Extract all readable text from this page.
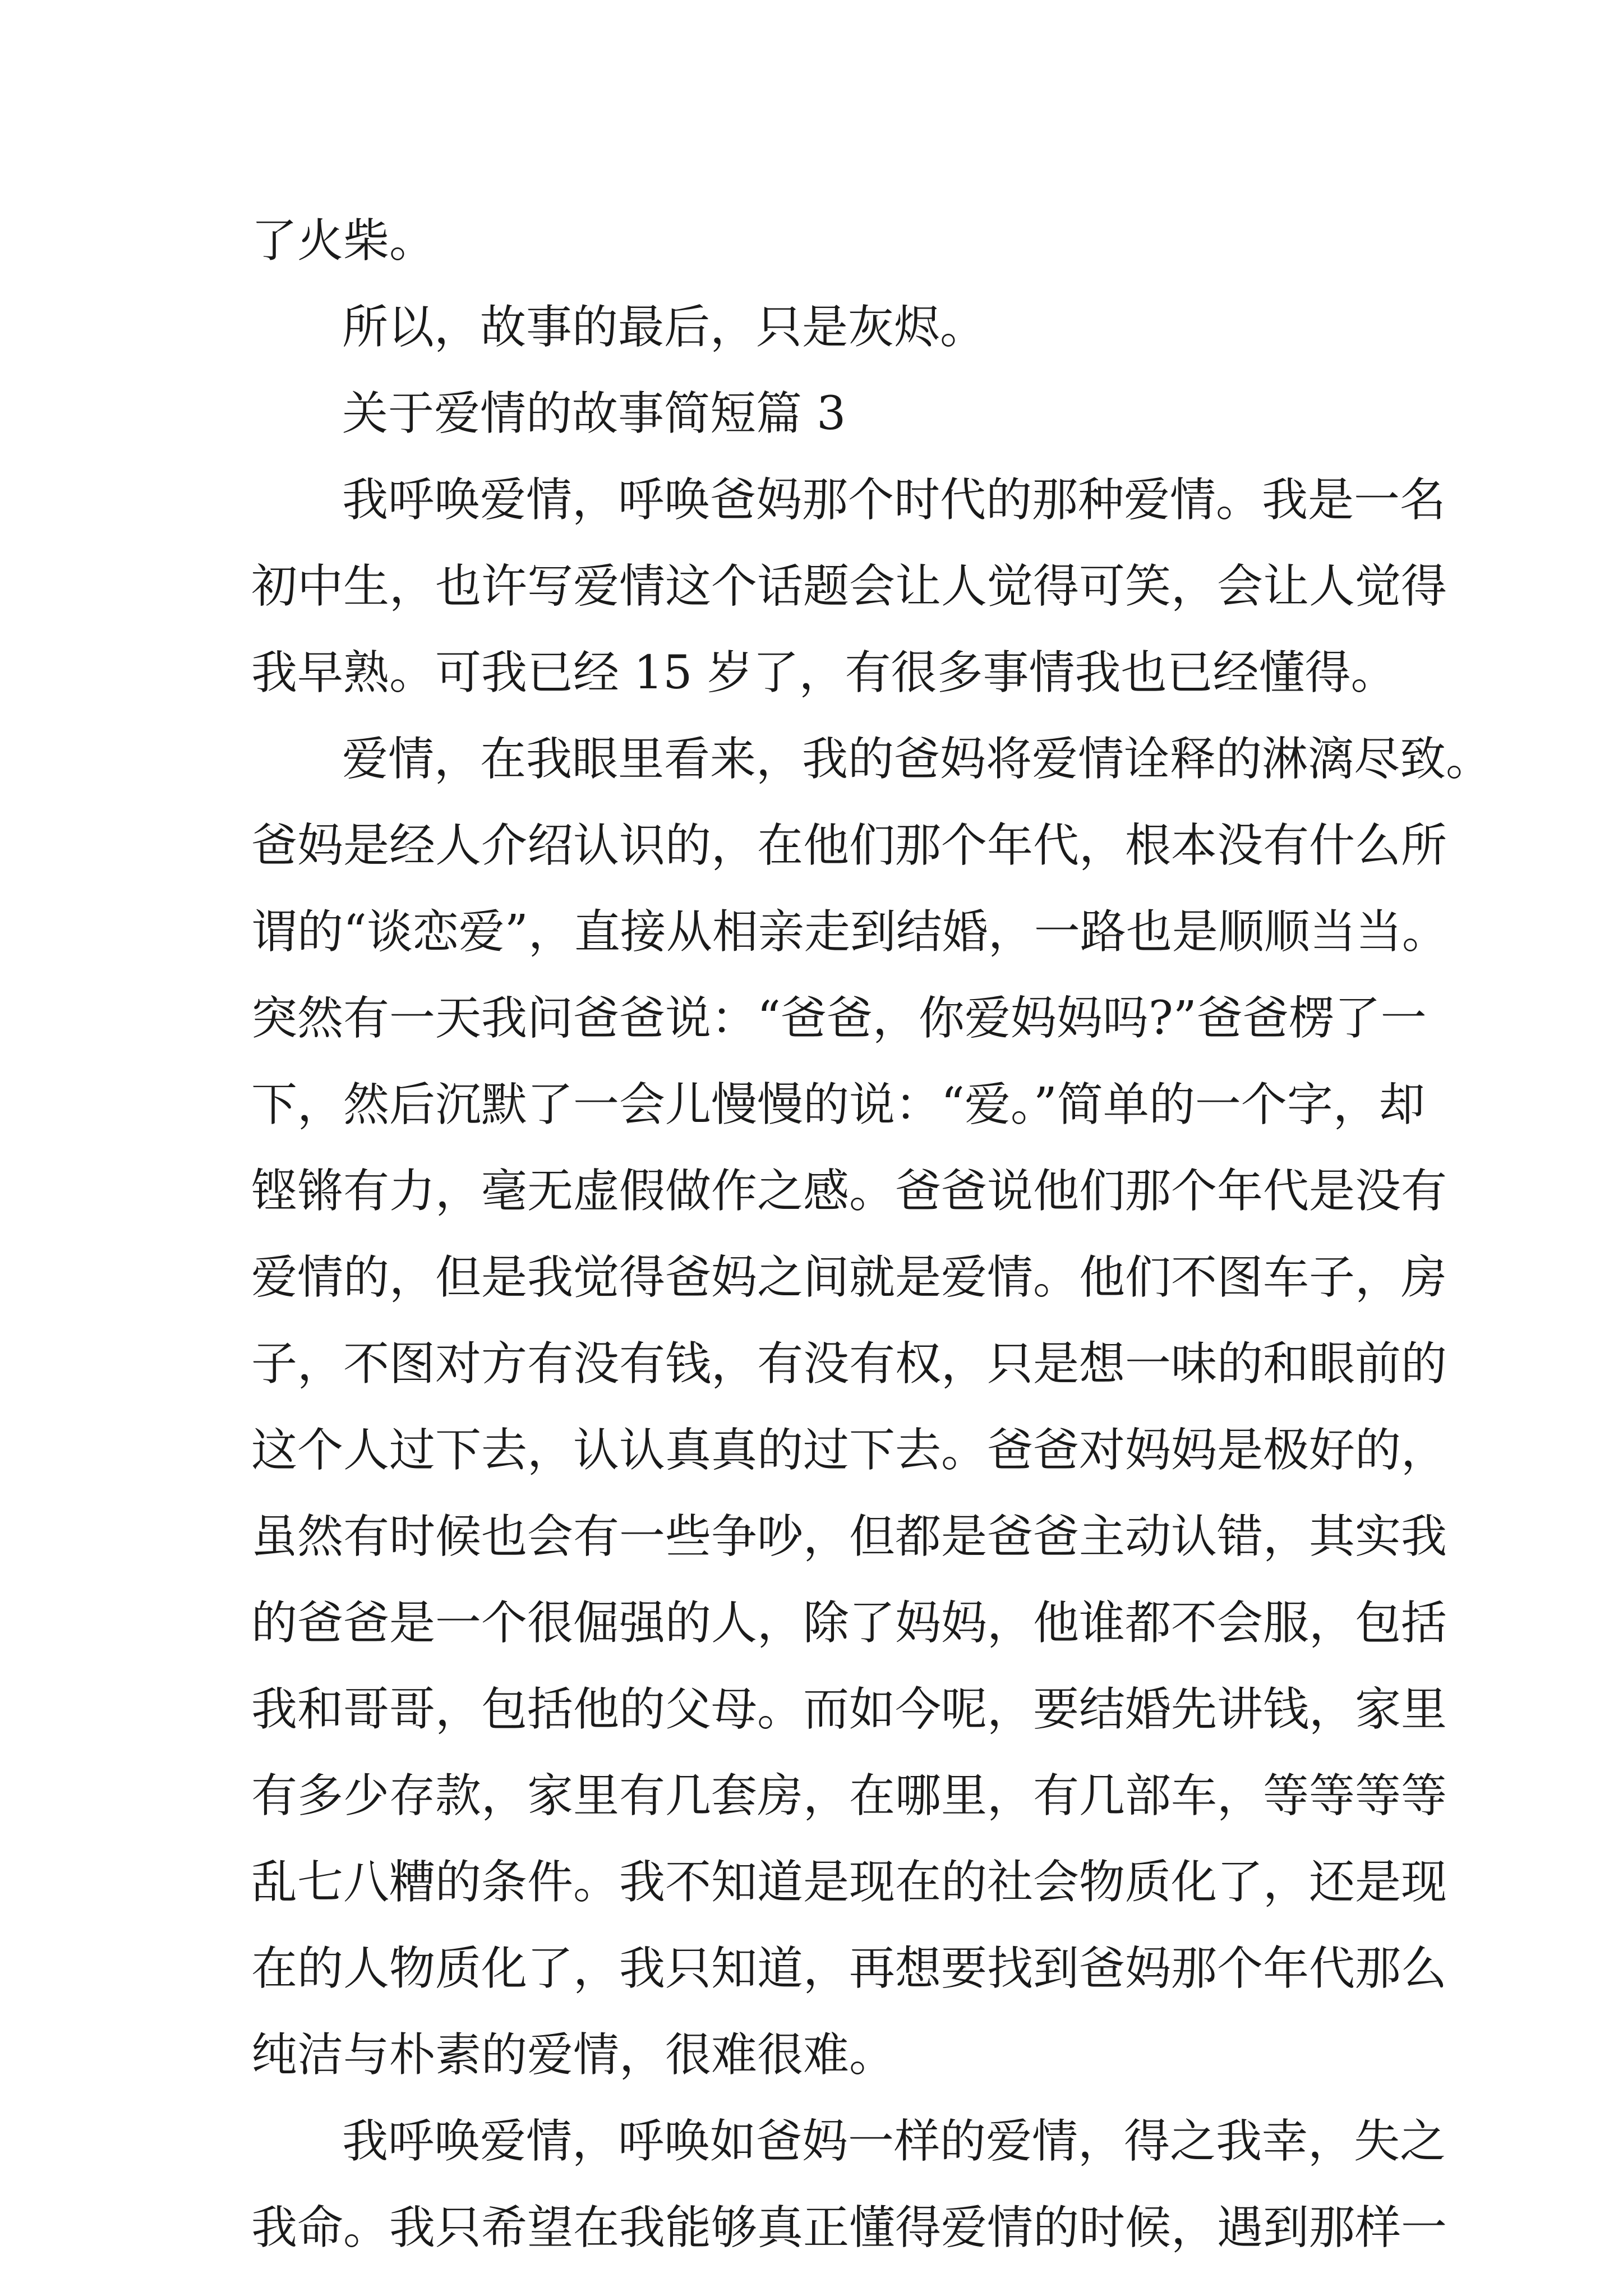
了火柴。

所以，故事的最后，只是灰烬。

关于爱情的故事简短篇 3

我呼唤爱情，呼唤爸妈那个时代的那种爱情。我是一名

初中生，也许写爱情这个话题会让人觉得可笑，会让人觉得

我早熟。可我已经 15 岁了，有很多事情我也已经懂得。

爱情，在我眼里看来，我的爸妈将爱情诠释的淋漓尽致。

爸妈是经人介绍认识的，在他们那个年代，根本没有什么所

谓的“谈恋爱”，直接从相亲走到结婚，一路也是顺顺当当。

突然有一天我问爸爸说：“爸爸，你爱妈妈吗?”爸爸楞了一

下，然后沉默了一会儿慢慢的说：“爱。”简单的一个字，却

铿锵有力，毫无虚假做作之感。爸爸说他们那个年代是没有

爱情的，但是我觉得爸妈之间就是爱情。他们不图车子，房

子，不图对方有没有钱，有没有权，只是想一味的和眼前的

这个人过下去，认认真真的过下去。爸爸对妈妈是极好的，

虽然有时候也会有一些争吵，但都是爸爸主动认错，其实我

的爸爸是一个很倔强的人，除了妈妈，他谁都不会服，包括

我和哥哥，包括他的父母。而如今呢，要结婚先讲钱，家里

有多少存款，家里有几套房，在哪里，有几部车，等等等等

乱七八糟的条件。我不知道是现在的社会物质化了，还是现

在的人物质化了，我只知道，再想要找到爸妈那个年代那么

纯洁与朴素的爱情，很难很难。

我呼唤爱情，呼唤如爸妈一样的爱情，得之我幸，失之

我命。我只希望在我能够真正懂得爱情的时候，遇到那样一
